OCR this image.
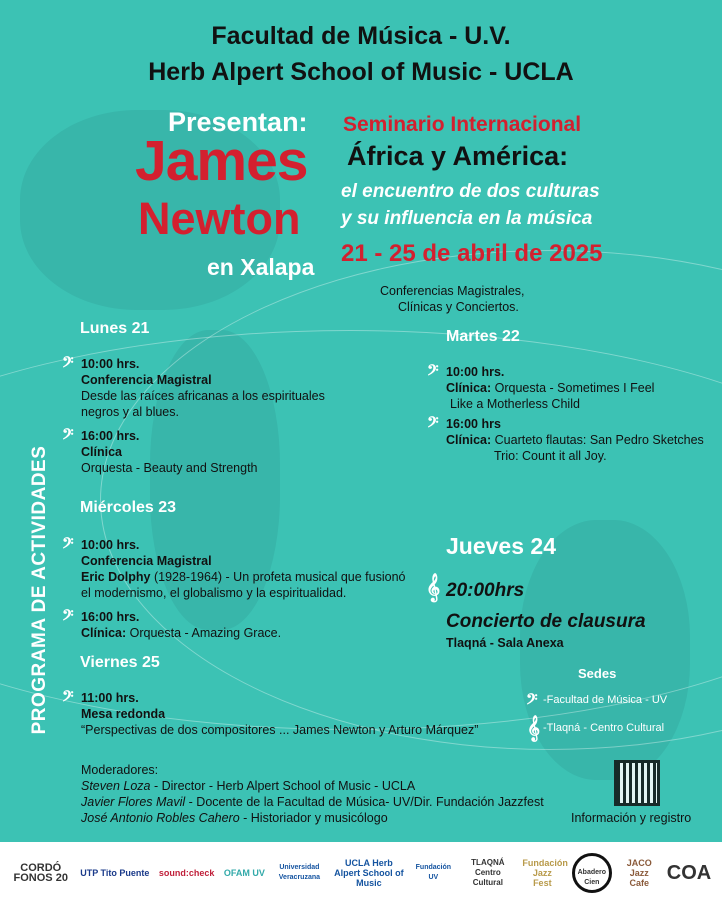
Facultad de Música - U.V.
Herb Alpert School of Music - UCLA
Presentan:
James
Newton
en Xalapa
Seminario Internacional
África y América:
el encuentro de dos culturas
y su influencia en la música
21 - 25 de abril de 2025
Conferencias Magistrales,
Clínicas y Conciertos.
PROGRAMA DE ACTIVIDADES
Lunes 21
𝄢 10:00 hrs.
Conferencia Magistral
Desde las raíces africanas a los espirituales
negros y al blues.
𝄢 16:00 hrs.
Clínica
Orquesta - Beauty and Strength
Martes 22
𝄢 10:00 hrs.
Clínica: Orquesta - Sometimes I Feel
Like a Motherless Child
𝄢 16:00 hrs
Clínica: Cuarteto flautas: San Pedro Sketches
Trio: Count it all Joy.
Miércoles 23
𝄢 10:00 hrs.
Conferencia Magistral
Eric Dolphy (1928-1964) - Un profeta musical que fusionó
el modernismo, el globalismo y la espiritualidad.
𝄢 16:00 hrs.
Clínica: Orquesta - Amazing Grace.
Jueves 24
𝄞 20:00hrs
Concierto de clausura
Tlaqná - Sala Anexa
Viernes 25
𝄢 11:00 hrs.
Mesa redonda
“Perspectivas de dos compositores ... James Newton y Arturo Márquez”
Moderadores:
Steven Loza - Director - Herb Alpert School of Music - UCLA
Javier Flores Mavil - Docente de la Facultad de Música- UV/Dir. Fundación Jazzfest
José Antonio Robles Cahero - Historiador y musicólogo
Sedes
𝄢 -Facultad de Música - UV
𝄞 -Tlaqná - Centro Cultural
Información y registro
CORDÓ FONOS 20	UTP Tito Puente sound:check OFAM UV
Universidad Veracruzana
UCLA Herb Alpert School of Music
Fundación UV
TLAQNÁ Centro Cultural
Fundación Jazz Fest
Abadero Cien
JACO Jazz Cafe COA
